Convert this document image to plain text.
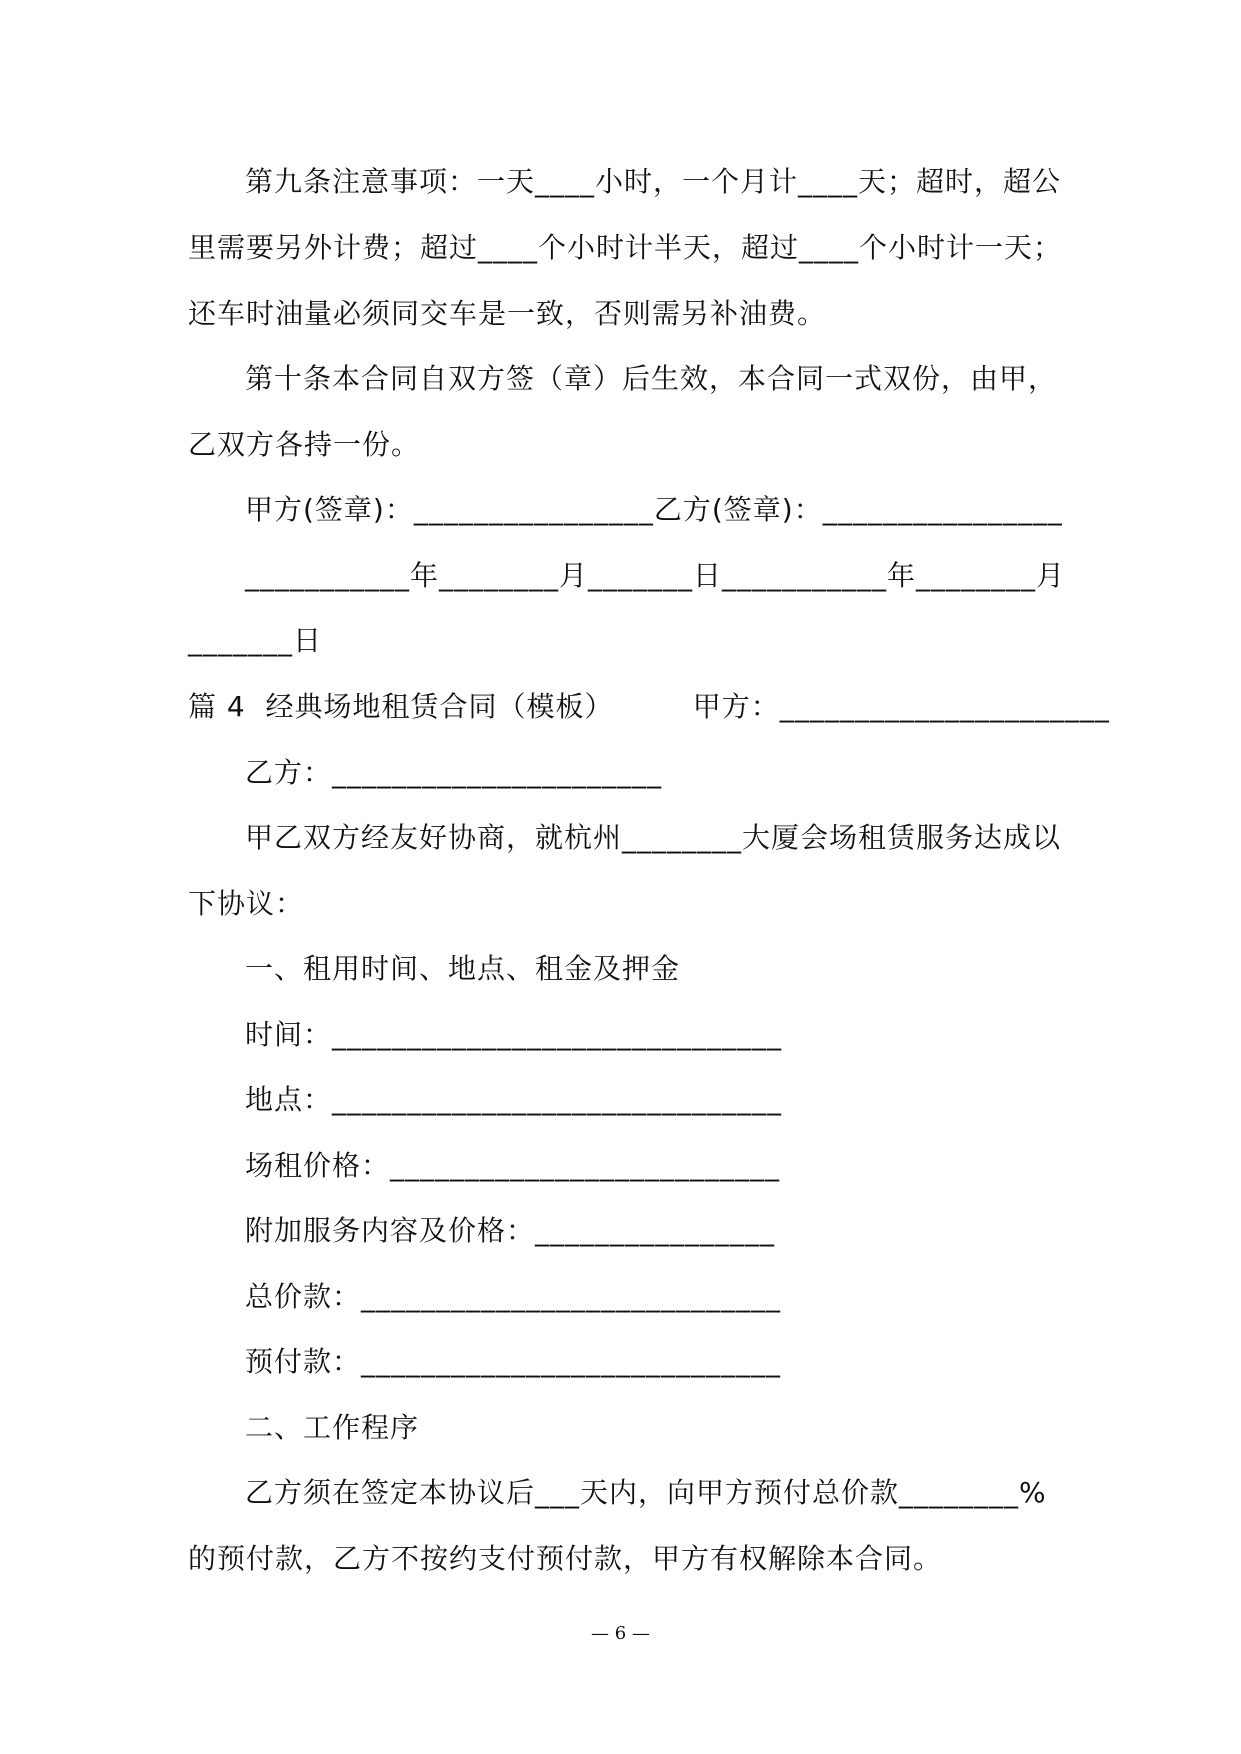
第九条注意事项：一天____小时，一个月计____天；超时，超公
里需要另外计费；超过____个小时计半天，超过____个小时计一天；
还车时油量必须同交车是一致，否则需另补油费。
第十条本合同自双方签（章）后生效，本合同一式双份，由甲，
乙双方各持一份。
甲方(签章)：________________乙方(签章)：________________
___________年________月_______日___________年________月
_______日
篇 4  经典场地租赁合同（模板）        甲方：______________________
乙方：______________________
甲乙双方经友好协商，就杭州________大厦会场租赁服务达成以
下协议：
一、租用时间、地点、租金及押金
时间：______________________________
地点：______________________________
场租价格：__________________________
附加服务内容及价格：________________
总价款：____________________________
预付款：____________________________
二、工作程序
乙方须在签定本协议后___天内，向甲方预付总价款________%
的预付款，乙方不按约支付预付款，甲方有权解除本合同。
— 6 —
